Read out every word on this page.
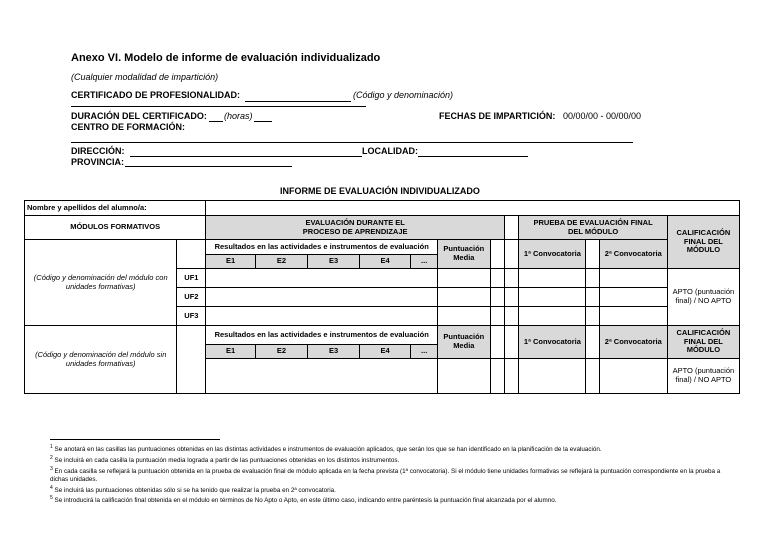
Anexo VI. Modelo de informe de evaluación individualizado
(Cualquier modalidad de impartición)
CERTIFICADO DE PROFESIONALIDAD:	(Código y denominación)
DURACIÓN DEL CERTIFICADO: (horas)	FECHAS DE IMPARTICIÓN: 00/00/00 - 00/00/00
CENTRO DE FORMACIÓN:
DIRECCIÓN:	LOCALIDAD:
PROVINCIA:
INFORME DE EVALUACIÓN INDIVIDUALIZADO
Nombre y apellidos del alumno/a:													
MÓDULOS FORMATIVOS		EVALUACIÓN DURANTE EL PROCESO DE APRENDIZAJE								PRUEBA DE EVALUACIÓN FINAL DEL MÓDULO			CALIFICACIÓN FINAL DEL MÓDULO
(Código y denominación del módulo con unidades formativas)		Resultados en las actividades e instrumentos de evaluación					Puntuación Media			1ª Convocatoria		2ª Convocatoria	
		E1	E2	E3	E4	...							
	UF1												APTO (puntuación final) / NO APTO
	UF2												
	UF3												
(Código y denominación del módulo sin unidades formativas)		Resultados en las actividades e instrumentos de evaluación					Puntuación Media			1ª Convocatoria		2ª Convocatoria	CALIFICACIÓN FINAL DEL MÓDULO
		E1	E2	E3	E4	...							
													APTO (puntuación final) / NO APTO
$^1$ Se anotará en las casillas las puntuaciones obtenidas en las distintas actividades e instrumentos de evaluación aplicados, que serán los que se han identificado en la planificación de la evaluación.
$^2$ Se incluirá en cada casilla la puntuación media lograda a partir de las puntuaciones obtenidas en los distintos instrumentos.
$^3$ En cada casilla se reflejará la puntuación obtenida en la prueba de evaluación final de módulo aplicada en la fecha prevista (1ª convocatoria). Si el módulo tiene unidades formativas se reflejará la puntuación correspondiente en la prueba a dichas unidades.
$^4$ Se incluirá las puntuaciones obtenidas sólo si se ha tenido que realizar la prueba en 2ª convocatoria.
$^5$ Se introducirá la calificación final obtenida en el módulo en términos de No Apto o Apto, en este último caso, indicando entre paréntesis la puntuación final alcanzada por el alumno.
